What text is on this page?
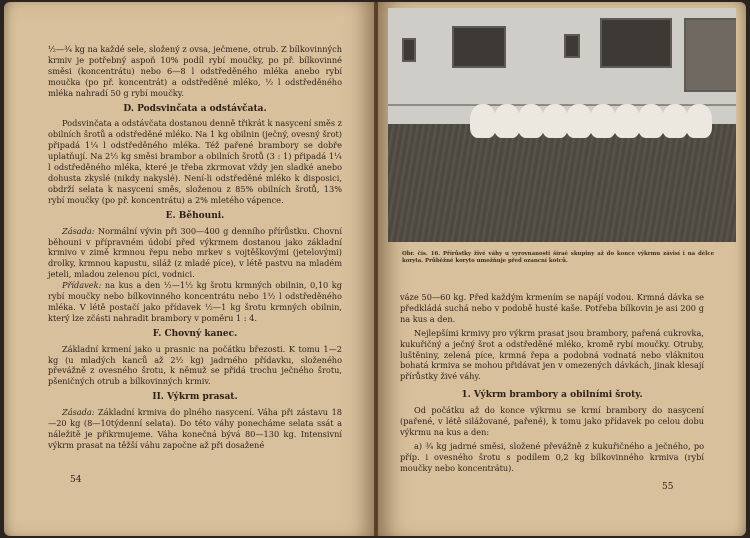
½—¾ kg na každé sele, složený z ovsa, ječmene, otrub. Z bílkovinných krmiv je potřebný aspoň 10% podíl rybí moučky, po př. bílkovinné směsi (koncentrátu) nebo 6—8 l odstředěného mléka anebo rybí moučka (po př. koncentrát) a odstředěné mléko, ½ l odstředěného mléka nahradí 50 g rybí moučky.

D. Podsvinčata a odstávčata.

Podsvinčata a odstávčata dostanou denně třikrát k nasycení směs z obilních šrotů a odstředěné mléko. Na 1 kg obilnin (ječný, ovesný šrot) připadá 1¼ l odstředěného mléka. Též pařené brambory se dobře uplatňují. Na 2½ kg směsi brambor a obilních šrotů (3 : 1) připadá 1¼ l odstředěného mléka, které je třeba zkrmovat vždy jen sladké anebo dohusta zkyslé (nikdy nakyslé). Není-li odstředěné mléko k disposici, obdrží selata k nasycení směs, složenou z 85% obilních šrotů, 13% rybí moučky (po př. koncentrátu) a 2% mletého vápence.

E. Běhouni.

Zásada: Normální vývin při 300—400 g denního přírůstku. Chovní běhouni v přípravném údobí před výkrmem dostanou jako základní krmivo v zimě krmnou řepu nebo mrkev s vojtěškovými (jetelovými) drolky, krmnou kapustu, siláž (z mladé píce), v létě pastvu na mladém jeteli, mladou zelenou píci, vodnici.

Přídavek: na kus a den ½—1½ kg šrotu krmných obilnin, 0,10 kg rybí moučky nebo bílkovinného koncentrátu nebo 1½ l odstředěného mléka. V létě postačí jako přídavek ½—1 kg šrotu krmných obilnin, který lze zčásti nahradit brambory v poměru 1 : 4.

F. Chovný kanec.

Základní krmení jako u prasnic na počátku březosti. K tomu 1—2 kg (u mladých kanců až 2½ kg) jadrného přídavku, složeného převážně z ovesného šrotu, k němuž se přidá trochu ječného šrotu, pšeničných otrub a bílkovinných krmiv.

II. Výkrm prasat.

Zásada: Základní krmiva do plného nasycení. Váha při zástavu 18—20 kg (8—10týdenní selata). Do této váhy ponecháme selata ssát a náležitě je přikrmujeme. Váha konečná bývá 80—130 kg. Intensivní výkrm prasat na těžší váhu započne až při dosažené

54
Obr. čís. 16. Přírůstky živé váhy u vyrovnanosti šíraé skupiny až do konce výkrmu závisí i na délce koryta. Průběžné koryto umožňuje před ozancní kotců.

váze 50—60 kg. Před každým krmením se napájí vodou. Krmná dávka se předkládá suchá nebo v podobě husté kaše. Potřeba bílkovin je asi 200 g na kus a den.

Nejlepšími krmivy pro výkrm prasat jsou brambory, pařená cukrovka, kukuřičný a ječný šrot a odstředěné mléko, kromě rybí moučky. Otruby, luštěniny, zelená píce, krmná řepa a podobná vodnatá nebo vláknitou bohatá krmiva se mohou přidávat jen v omezených dávkách, jinak klesají přírůstky živé váhy.

1. Výkrm brambory a obilními šroty.

Od počátku až do konce výkrmu se krmí brambory do nasycení (pařené, v létě silážované, pařené), k tomu jako přídavek po celou dobu výkrmu na kus a den:

a) ¾ kg jadrné směsi, složené převážně z kukuřičného a ječného, po příp. i ovesného šrotu s podílem 0,2 kg bílkovinného krmiva (rybí moučky nebo koncentrátu).

55
